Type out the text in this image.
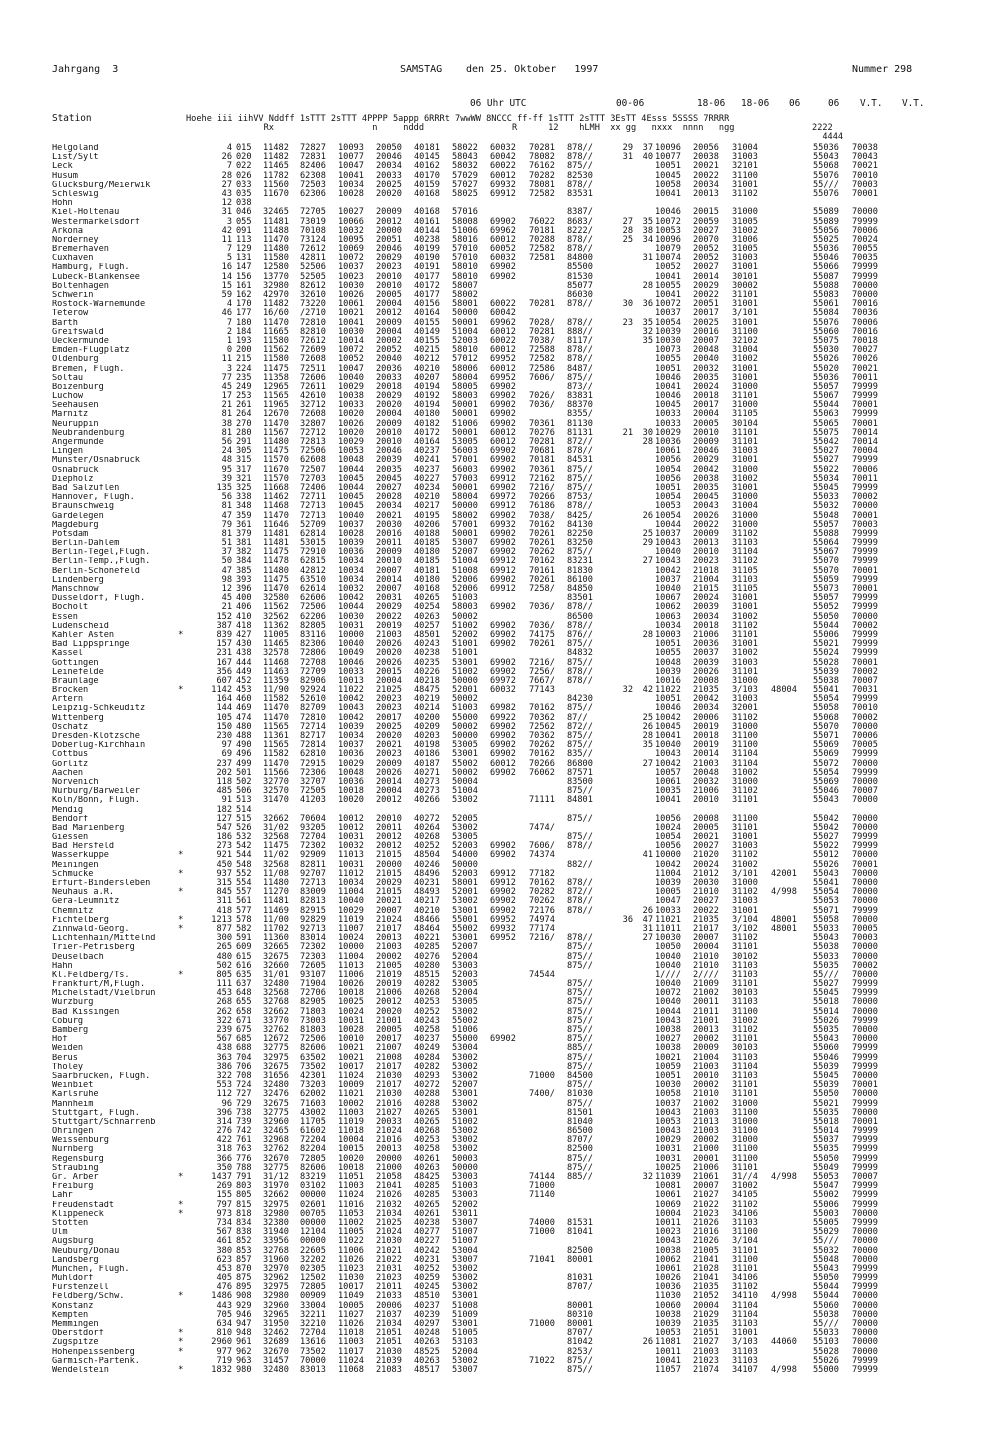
Jahrgang  3	SAMSTAG den 25. Oktober   1997	Nummer 298
06 Uhr UTC	00-06	18-06 18-06 06	06 V.T. V.T.
Station	Hoehe iii iihVV Nddff 1sTTT 2sTTT 4PPPP 5appp 6RRRt 7wwWW 8NCCC ff-ff 1sTTT 2sTTT 3EsTT 4Esss 5SSSS 7RRRR
Rx                   n     nddd                 R      12    hLMH  xx gg   nxxx  nnnn   ngg               2222
4444
Helgoland	4 015 11482 72827 10093 20050 40181 58022 60032 70281 878//	29	37 10096 20056 31004	55036 70038
List/Sylt	26 020 11482 72831 10077 20046 40145 58043 60042 78082 878//	31	40 10077 20038 31003	55043 70043
Leck	7 022 11465 82406 10047 20034 40162 58032 60022 76162 875//	10051 20021 32101	55068 70021
Husum	28 026 11782 62308 10041 20033 40170 57029 60012 70282 82530	10045 20022 31100	55076 70010
Glücksburg/Meierwik	27 033 11560 72503 10034 20025 40159 57027 69932 78081 878//	10058 20034 31001	55/// 70003
Schleswig	43 035 11670 62306 10028 20020 40168 58025 69912 72582 83531	10041 20013 31102	55076 70001
Hohn	12 038
Kiel-Holtenau	31 046 32465 72705 10027 20009 40168 57016	8387/	10046 20015 31000	55089 70000
Westermarkelsdorf	3 055 11481 73019 10066 20012 40161 58008 69902 76022 8683/	27	35 10072 20059 31005	55089 79999
Arkona	42 091 11488 70108 10032 20000 40144 51006 69962 70181 8222/	28	38 10053 20027 31002	55056 70006
Norderney	11 113 11470 73124 10095 20051 40238 58016 60012 70288 878//	25	34 10096 20070 31006	55025 70024
Bremerhaven	7 129 11480 72612 10069 20046 40199 57010 60052 72582 878//	10079 20052 31005	55036 70055
Cuxhaven	5 131 11580 42811 10072 20029 40190 57010 60032 72581 84800	31 10074 20052 31003	55046 70035
Hamburg, Flugh.	16 147 12580 52506 10037 20023 40191 58010 69902	85500	10052 20027 31001	55066 79999
Lübeck-Blankensee	14 156 13770 52505 10023 20010 40177 58010 69902	81530	10041 20014 30101	55087 79999
Boltenhagen	15 161 32980 82612 10030 20010 40172 58007	85077	28 10055 20029 30002	55088 70000
Schwerin	59 162 42970 32610 10026 20005 40177 58002	86030	10041 20022 31101	55083 70000
Rostock-Warnemünde	4 170 11482 73220 10061 20004 40156 58001 60022 70281 878//	30	36 10072 20051 31001	55061 70016
Teterow	46 177 16/60 /2710 10021 20012 40164 50000 60042	10037 20017 3/101	55084 70036
Barth	7 180 11470 72810 10041 20009 40155 50001 69962 7028/ 878//	23	35 10054 20025 31001	55076 70006
Greifswald	2 184 11665 82810 10030 20004 40149 51004 60012 70281 888//	32 10039 20016 31100	55060 70016
Ueckermünde	1 193 11580 72612 10014 20002 40155 52003 60022 7038/ 8117/	35 10030 20007 32102	55075 70018
Emden-Flugplatz	0 200 11562 72609 10072 20052 40215 58010 60012 72588 878//	10073 20048 31004	55030 70027
Oldenburg	11 215 11580 72608 10052 20040 40212 57012 69952 72582 878//	10055 20040 31002	55026 70026
Bremen, Flugh.	3 224 11475 72511 10047 20036 40210 58006 60012 72586 8487/	10051 20032 31001	55020 70021
Soltau	77 235 11358 72606 10040 20033 40207 58004 69952 7606/ 875//	10046 20035 31001	55036 70011
Boizenburg	45 249 12965 72611 10029 20018 40194 58005 69902	873//	10041 20024 31000	55057 79999
Lüchow	17 253 11565 42610 10038 20029 40192 58003 69902 7026/ 83831	10046 20018 31101	55067 79999
Seehausen	21 261 11965 32712 10033 20020 40194 50001 69902 7036/ 88370	10045 20017 31000	55044 70001
Marnitz	81 264 12670 72608 10020 20004 40180 50001 69902	8355/	10033 20004 31105	55063 79999
Neuruppin	38 270 11470 32807 10026 20009 40182 51006 69902 70361 81130	10033 20005 30104	55065 70001
Neubrandenburg	81 280 11567 72712 10020 20010 40172 50001 60012 70276 81131	21	30 10029 20010 31101	55075 70014
Angermünde	56 291 11480 72813 10029 20010 40164 53005 60012 70281 872//	28 10036 20009 31101	55042 70014
Lingen	24 305 11475 72506 10053 20046 40237 56003 69902 70681 878//	10061 20046 31003	55027 70004
Münster/Osnabrück	48 315 11570 62608 10048 20039 40241 57001 69902 70181 84531	10056 20029 31001	55027 79999
Osnabrück	95 317 11670 72507 10044 20035 40237 56003 69902 70361 875//	10054 20042 31000	55022 70006
Diepholz	39 321 11570 72703 10045 20045 40227 57003 69912 72162 875//	10056 20038 31002	55034 70011
Bad Salzuflen	135 325 11668 72406 10044 20027 40234 50001 69902 7216/ 875//	10051 20035 31001	55045 79999
Hannover, Flugh.	56 338 11462 72711 10045 20028 40210 58004 69972 70266 8753/	10054 20045 31000	55033 70002
Braunschweig	81 348 11468 72713 10045 20034 40217 50000 69912 76186 878//	10053 20043 31004	55032 70000
Gardelegen	47 359 11470 72713 10040 20021 40195 58002 69902 7038/ 8425/	26 10054 20026 31000	55048 70001
Magdeburg	79 361 11646 52709 10037 20030 40206 57001 69932 70162 84130	10044 20022 31000	55057 70003
Potsdam	81 379 11481 62814 10028 20016 40188 50001 69902 70261 82250	25 10037 20009 31102	55088 79999
Berlin-Dahlem	51 381 11481 53015 10039 20011 40185 53007 69902 70261 83250	29 10043 20013 31103	55064 79999
Berlin-Tegel,Flugh.	37 382 11475 72910 10036 20009 40180 52007 69902 70262 875//	10040 20010 31104	55067 79999
Berlin-Temp.,Flugh.	50 384 11478 62815 10034 20010 40185 51004 69912 70162 83231	27 10043 20023 31102	55070 79999
Berlin-Schönefeld	47 385 11480 42812 10034 20007 40181 51008 69912 70161 81830	10042 21018 31105	55070 70001
Lindenberg	98 393 11475 63510 10034 20014 40180 52006 69902 70261 86100	10037 21004 31103	55059 79999
Manschnow	12 396 11470 62614 10032 20007 40168 52006 69912 7258/ 84850	10040 21015 31105	55073 70001
Düsseldorf, Flugh.	45 400 32580 62606 10042 20031 40265 51003	83501	10067 20024 31001	55057 79999
Bocholt	21 406 11562 72506 10044 20029 40254 58003 69902 7036/ 878//	10062 20039 31001	55052 79999
Essen	152 410 32562 62206 10030 20022 40263 50002	86500	10063 20034 31002	55050 70000
Lüdenscheid	387 418 11362 82805 10031 20019 40257 51002 69902 7036/ 878//	10034 20018 31102	55044 70002
Kahler Asten	839 427 11005 83116 10000 21003 48501 52002 69902 74175 876//	28 10003 21006 31101	55006 79999
*
Bad Lippspringe	157 430 11465 82306 10040 20026 40243 51001 69902 70261 875//	10051 20036 31001	55021 79999
Kassel	231 438 32578 72806 10049 20020 40238 51001	84832	10055 20037 31002	55024 79999
Göttingen	167 444 11468 72708 10046 20026 40235 53001 69902 7216/ 875//	10048 20039 31003	55028 70001
Leinefelde	356 449 11463 72709 10033 20015 40226 51002 69902 7256/ 878//	10039 20026 31101	55039 70002
Braunlage	607 452 11359 82906 10013 20004 40218 50000 69972 7667/ 878//	10016 20008 31000	55038 70007
Brocken	1142 453 11/90 92924 11022 21025 48475 52001 60032 77143	32	42 11022 21035 3/103 48004 55041 70031
*
Artern	164 460 11582 52610 10042 20023 40219 50002	84230	10051 20042 31003	55054 79999
Leipzig-Schkeuditz	144 469 11470 82709 10043 20023 40214 51003 69982 70162 875//	10046 20034 32001	55058 70010
Wittenberg	105 474 11470 72810 10042 20017 40200 55000 69922 70362 87//	25 10042 20006 31102	55068 70002
Oschatz	150 480 11565 72714 10039 20025 40209 50002 69902 72562 872//	26 10045 20019 31000	55070 70000
Dresden-Klotzsche	230 488 11361 82717 10034 20020 40203 50000 69902 70362 875//	28 10041 20018 31100	55071 70006
Doberlug-Kirchhain	97 490 11565 72814 10037 20021 40198 53005 69902 70262 875//	35 10040 20019 31100	55069 70005
Cottbus	69 496 11582 62810 10036 20023 40186 53001 69902 70162 835//	10043 20014 31104	55069 79999
Görlitz	237 499 11470 72915 10029 20009 40187 55002 60012 70266 86800	27 10042 21003 31104	55072 70000
Aachen	202 501 11566 72306 10048 20026 40271 50002 69902 76062 87571	10057 20048 31002	55054 79999
Nörvenich	118 502 32770 32707 10036 20014 40273 50004	83500	10061 20032 31000	55069 70000
Nürburg/Barweiler	485 506 32570 72505 10018 20004 40273 51004	875//	10035 21006 31102	55046 70007
Köln/Bonn, Flugh.	91 513 31470 41203 10020 20012 40266 53002	71111 84801	10041 20010 31101	55043 70000
Mendig	182 514
Bendorf	127 515 32662 70604 10012 20010 40272 52005	875//	10056 20008 31100	55042 70000
Bad Marienberg	547 526 31/02 93205 10012 20011 40264 53002	7474/	10024 20005 31101	55042 70000
Giessen	186 532 32568 72704 10031 20012 40268 53005	875//	10054 20021 31001	55027 79999
Bad Hersfeld	273 542 11475 72302 10032 20012 40252 52003 69902 7606/ 878//	10056 20027 31003	55022 79999
Wasserkuppe	921 544 11/02 92909 11013 21015 48504 54000 69902 74374	41 10000 21020 31102	55012 70000
*
Meiningen	450 548 32568 82811 10031 20000 40246 50000	882//	10042 20024 31002	55026 70001
Schmücke	937 552 11/08 92707 11012 21015 48496 52003 69912 77182	11004 21012 3/101 42001 55043 70000
*
Erfurt-Bindersleben	315 554 11480 72713 10034 20029 40231 58001 69912 70162 878//	10039 20030 31000	55041 70000
Neuhaus a.R.	845 557 11270 83009 11004 21015 48493 52001 69902 70282 872//	10005 21010 31102 4/998 55054 70000
*
Gera-Leumnitz	311 561 11481 82813 10040 20021 40217 53002 69902 70262 878//	10047 20027 31003	55053 70000
Chemnitz	418 577 11469 82915 10029 20007 40210 53001 69902 72176 878//	26 10033 20022 31001	55071 79999
Fichtelberg	1213 578 11/00 92829 11019 21024 48466 55001 69952 74974	36	47 11021 21035 3/104 48001 55058 70000
*
Zinnwald-Georg.	877 582 11702 92713 11007 21017 48464 55002 69932 77174	31 11011 21017 3/102 48001 55033 70005
*
Lichtenhain/Mittelnd	300 591 11360 83014 10024 20013 40221 53001 69952 7216/ 878//	27 10030 20007 31102	55043 70003
Trier-Petrisberg	265 609 32665 72302 10000 21003 40285 52007	875//	10050 20004 31101	55038 70000
Deuselbach	480 615 32675 72303 11004 20002 40276 52004	875//	10040 21010 30102	55033 70000
Hahn	502 616 32660 72605 11013 21005 40280 53003	875//	10040 21010 31103	55035 70002
Kl.Feldberg/Ts.	805 635 31/01 93107 11006 21019 48515 52003	74544	1//// 2//// 31103	55/// 70000
*
Frankfurt/M,Flugh.	111 637 32480 71904 10026 20019 40282 53005	875//	10040 21009 31101	55027 79999
Michelstadt/Vielbrun	453 648 32568 72706 10018 21006 40268 52004	875//	10072 21002 30103	55045 79999
Würzburg	268 655 32768 82905 10025 20012 40253 53005	875//	10040 20011 31103	55018 70000
Bad Kissingen	262 658 32662 71803 10024 20020 40252 53002	875//	10044 21011 31100	55014 70000
Coburg	322 671 33770 73003 10031 21001 40243 55002	875//	10043 21001 31002	55026 79999
Bamberg	239 675 32762 81803 10028 20005 40258 51006	875//	10038 20013 31102	55035 70000
Hof	567 685 12672 72506 10010 20017 40237 55000 69902	875//	10027 20002 31101	55043 70000
Weiden	438 688 32775 82606 10021 21007 40249 53004	885//	10038 20009 30103	55060 79999
Berus	363 704 32975 63502 10021 21008 40284 53002	875//	10021 21004 31103	55046 79999
Tholey	386 706 32675 73502 10017 21017 40282 53002	875//	10059 21003 31104	55039 79999
Saarbrücken, Flugh.	322 708 31656 42301 11024 21030 40293 53002	71000 84500	10051 20010 31103	55045 70000
Weinbiet	553 724 32480 73203 10009 21017 40272 52007	875//	10030 20002 31101	55039 70001
Karlsruhe	112 727 32476 62002 11021 21030 40288 53001	7400/ 81030	10058 21010 31101	55050 70000
Mannheim	96 729 32675 71603 10002 21016 40288 53002	875//	10037 21002 31000	55021 79999
Stuttgart, Flugh.	396 738 32775 43002 11003 21027 40265 53001	81501	10043 21003 31100	55035 70000
Stuttgart/Schnarrenb	314 739 32960 11705 11019 20033 40265 51002	81040	10053 21013 31000	55018 70001
Öhringen	276 742 32465 61602 11018 21024 40268 53002	86500	10043 21003 31100	55014 79999
Weissenburg	422 761 32968 72204 10004 21016 40253 53002	8707/	10029 20002 31000	55037 79999
Nürnberg	318 763 32762 82204 10015 20013 40258 53002	82500	10031 21000 31100	55035 79999
Regensburg	366 776 32670 72805 10020 20000 40261 50003	875//	10031 20001 31100	55050 79999
Straubing	350 788 32775 82606 10018 21000 40263 50000	875//	10025 21006 31101	55049 79999
Gr. Arber	1437 791 31/12 83219 11051 21058 48425 53003	74144 885//	32 11039 21061 31//4 4/998 55053 70007
*
Freiburg	269 803 31970 03102 11003 21041 40285 51003	71000	10081 20007 31002	55047 79999
Lahr	155 805 32662 00000 11024 21026 40285 53003	71140	10061 21027 34105	55002 79999
Freudenstadt	797 815 32975 02601 11016 21032 40265 52002	10069 21022 31102	55006 79999
*
Klippeneck	973 818 32980 00705 11053 21034 40261 53011	10004 21023 34106	55003 70000
*
Stötten	734 834 32380 00000 11002 21025 40238 53007	74000 81531	10011 21026 31103	55005 79999
Ulm	567 838 31940 12104 11005 21024 40277 51007	71000 81041	10023 21016 31100	55029 70000
Augsburg	461 852 33956 00000 11022 21030 40227 51007	10043 21026 3/104	55/// 70000
Neuburg/Donau	380 853 32768 22605 11006 21021 40242 53004	82500	10038 21005 31101	55032 70000
Landsberg	623 857 31960 32202 11026 21022 40231 53007	71041 80001	10062 21041 31100	55048 70000
München, Flugh.	453 870 32970 02305 11023 21031 40252 53002	10061 21028 31101	55043 79999
Mühldorf	405 875 32962 12502 11030 21023 40259 53002	81031	10026 21041 34106	55050 79999
Fürstenzell	476 895 32975 72805 10017 21011 40245 53002	8707/	10036 21035 31102	55044 79999
Feldberg/Schw.	1486 908 32980 00909 11049 21033 48510 53001	11030 21052 34110 4/998 55044 70000
*
Konstanz	443 929 32960 33004 10005 20006 40237 51008	80001	10060 20004 31104	55060 70000
Kempten	705 946 32965 32211 11027 21037 40239 51009	80310	10038 21029 31104	55038 70000
Memmingen	634 947 31950 32210 11026 21034 40297 53001	71000 80001	10039 21035 31103	55/// 70000
Oberstdorf	810 948 32462 72704 11018 21051 40248 51005	8707/	10053 21051 31001	55033 70000
*
Zugspitze	2960 961 32689 13616 11003 21051 40263 53103	81042	26 11081 21027 3/103 44060 55103 70000
*
Hohenpeissenberg	977 962 32670 73502 11017 21030 48525 52004	8253/	10011 21003 31103	55028 70000
*
Garmisch-Partenk.	719 963 31457 70000 11024 21039 40263 53002	71022 875//	10041 21023 31103	55026 79999
Wendelstein	1832 980 32480 83013 11068 21083 48517 53007	875//	11057 21074 34107 4/998 55000 79999
*
